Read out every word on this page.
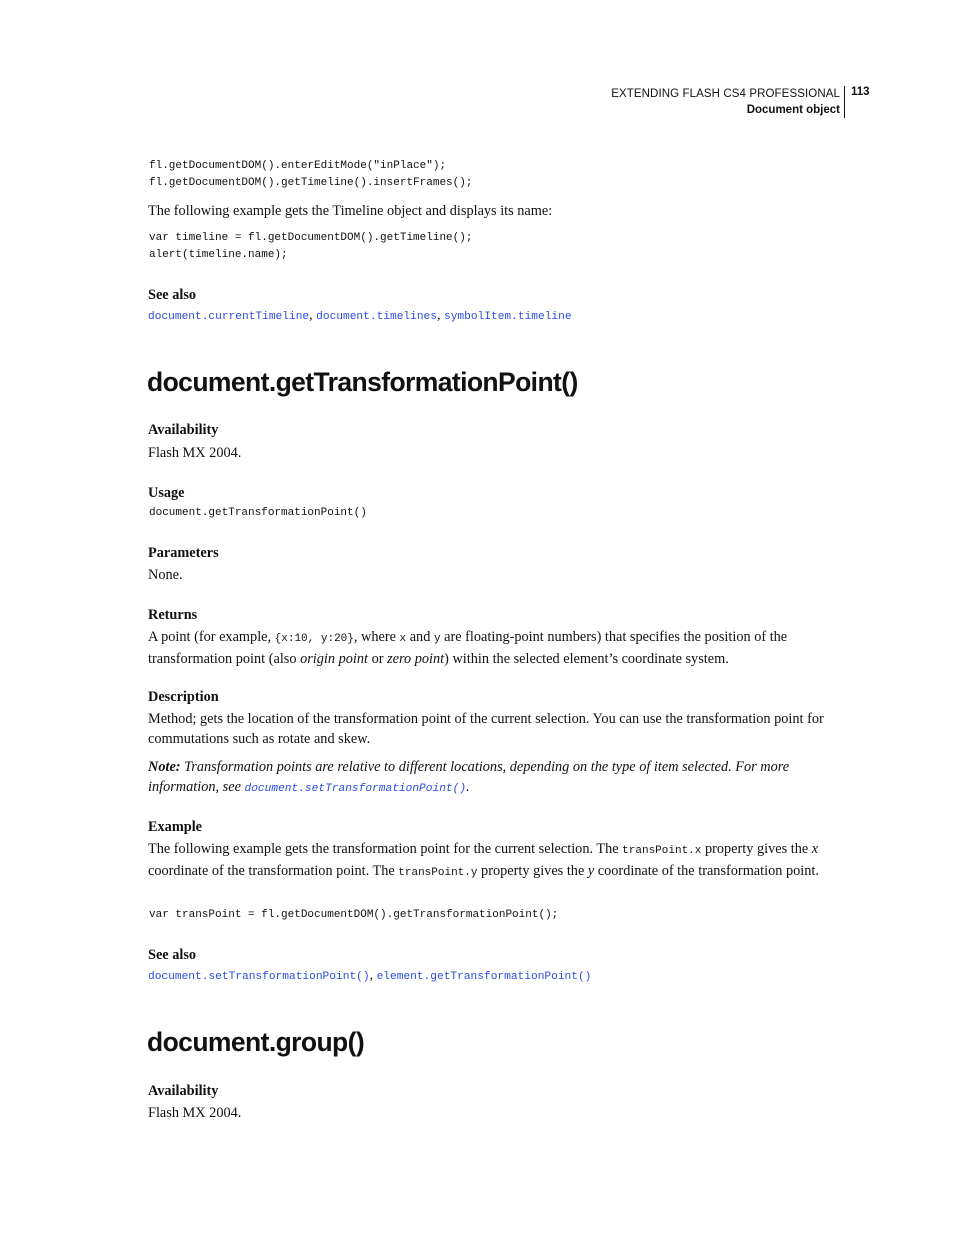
EXTENDING FLASH CS4 PROFESSIONAL
Document object
113
fl.getDocumentDOM().enterEditMode("inPlace");
fl.getDocumentDOM().getTimeline().insertFrames();
The following example gets the Timeline object and displays its name:
var timeline = fl.getDocumentDOM().getTimeline();
alert(timeline.name);
See also
document.currentTimeline, document.timelines, symbolItem.timeline
document.getTransformationPoint()
Availability
Flash MX 2004.
Usage
document.getTransformationPoint()
Parameters
None.
Returns
A point (for example, {x:10, y:20}, where x and y are floating-point numbers) that specifies the position of the transformation point (also origin point or zero point) within the selected element’s coordinate system.
Description
Method; gets the location of the transformation point of the current selection. You can use the transformation point for commutations such as rotate and skew.
Note: Transformation points are relative to different locations, depending on the type of item selected. For more information, see document.setTransformationPoint().
Example
The following example gets the transformation point for the current selection. The transPoint.x property gives the x coordinate of the transformation point. The transPoint.y property gives the y coordinate of the transformation point.
var transPoint = fl.getDocumentDOM().getTransformationPoint();
See also
document.setTransformationPoint(), element.getTransformationPoint()
document.group()
Availability
Flash MX 2004.
